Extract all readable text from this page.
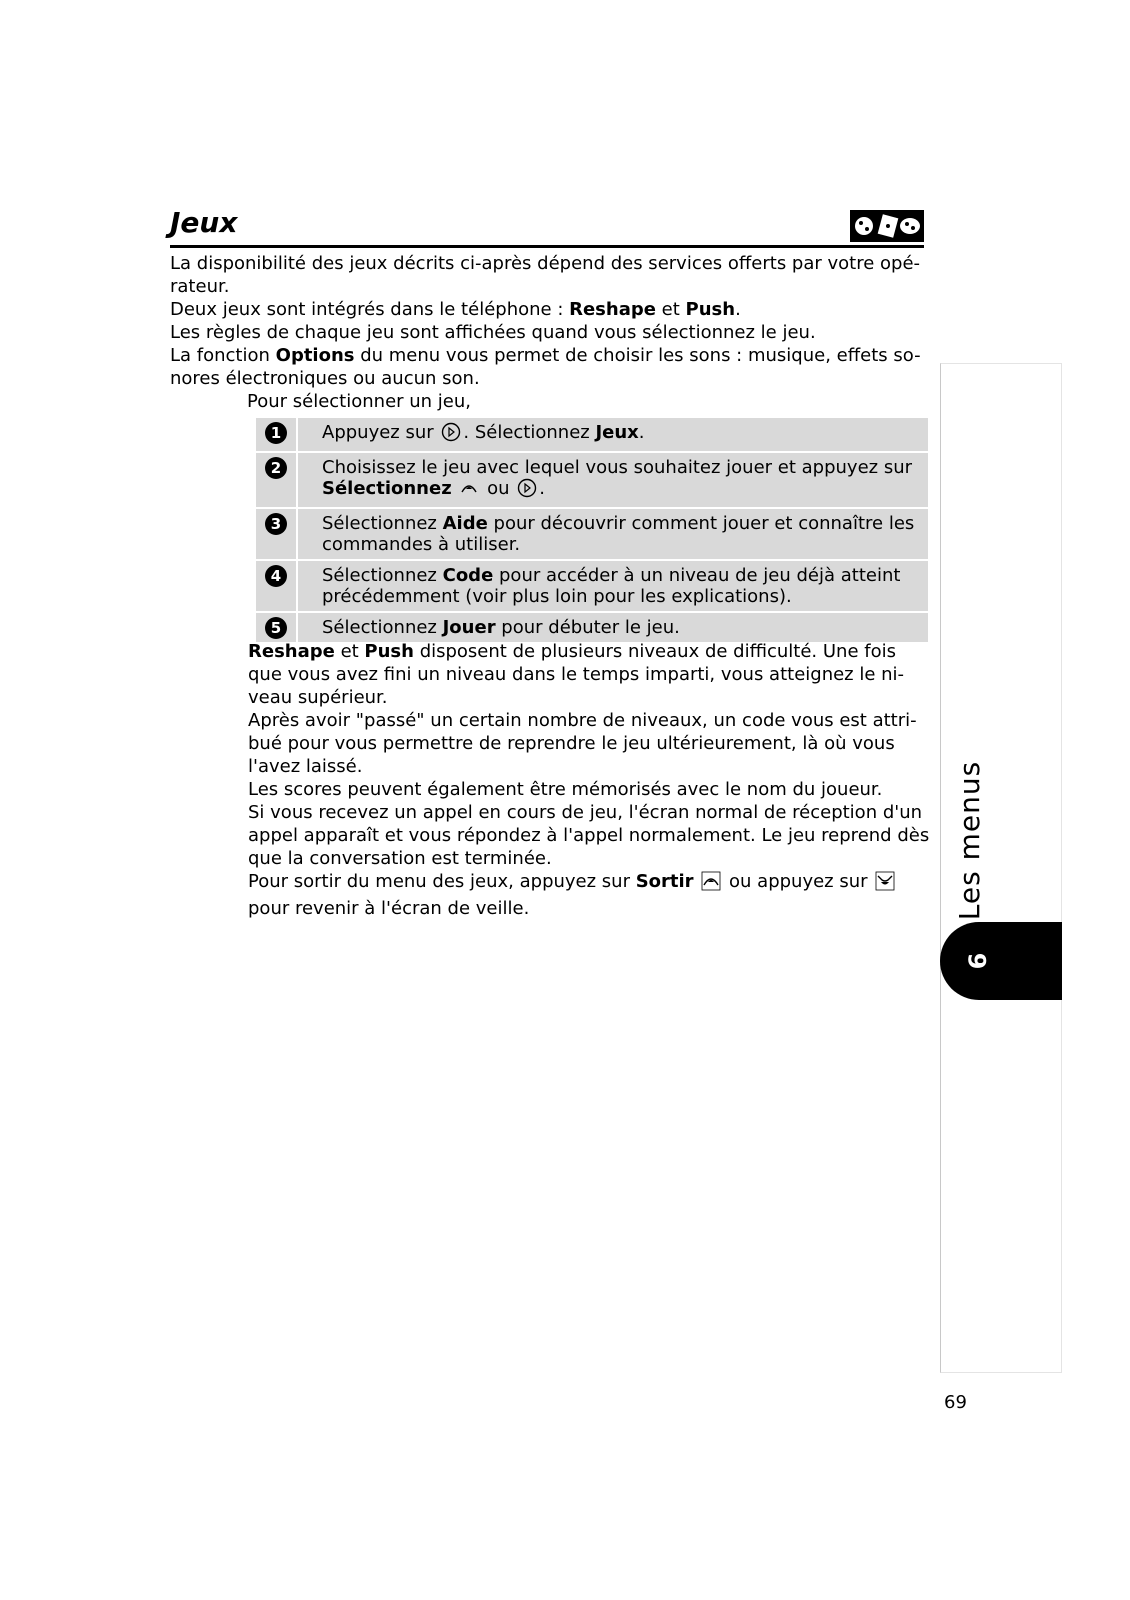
Jeux

La disponibilité des jeux décrits ci-après dépend des services offerts par votre opé-rateur.

Deux jeux sont intégrés dans le téléphone : Reshape et Push.

Les règles de chaque jeu sont affichées quand vous sélectionnez le jeu.

La fonction Options du menu vous permet de choisir les sons : musique, effets so-nores électroniques ou aucun son.

Pour sélectionner un jeu,

1	Appuyez sur . Sélectionnez Jeux.
2	Choisissez le jeu avec lequel vous souhaitez jouer et appuyez sur Sélectionnez  ou .
3	Sélectionnez Aide pour découvrir comment jouer et connaître les commandes à utiliser.
4	Sélectionnez Code pour accéder à un niveau de jeu déjà atteint précédemment (voir plus loin pour les explications).
5	Sélectionnez Jouer pour débuter le jeu.

Reshape et Push disposent de plusieurs niveaux de difficulté. Une fois que vous avez fini un niveau dans le temps imparti, vous atteignez le ni-veau supérieur.

Après avoir "passé" un certain nombre de niveaux, un code vous est attri-bué pour vous permettre de reprendre le jeu ultérieurement, là où vous l'avez laissé.

Les scores peuvent également être mémorisés avec le nom du joueur.

Si vous recevez un appel en cours de jeu, l'écran normal de réception d'un appel apparaît et vous répondez à l'appel normalement. Le jeu reprend dès que la conversation est terminée.

Pour sortir du menu des jeux, appuyez sur Sortir  ou appuyez sur  pour revenir à l'écran de veille.	Les menus
6
69
